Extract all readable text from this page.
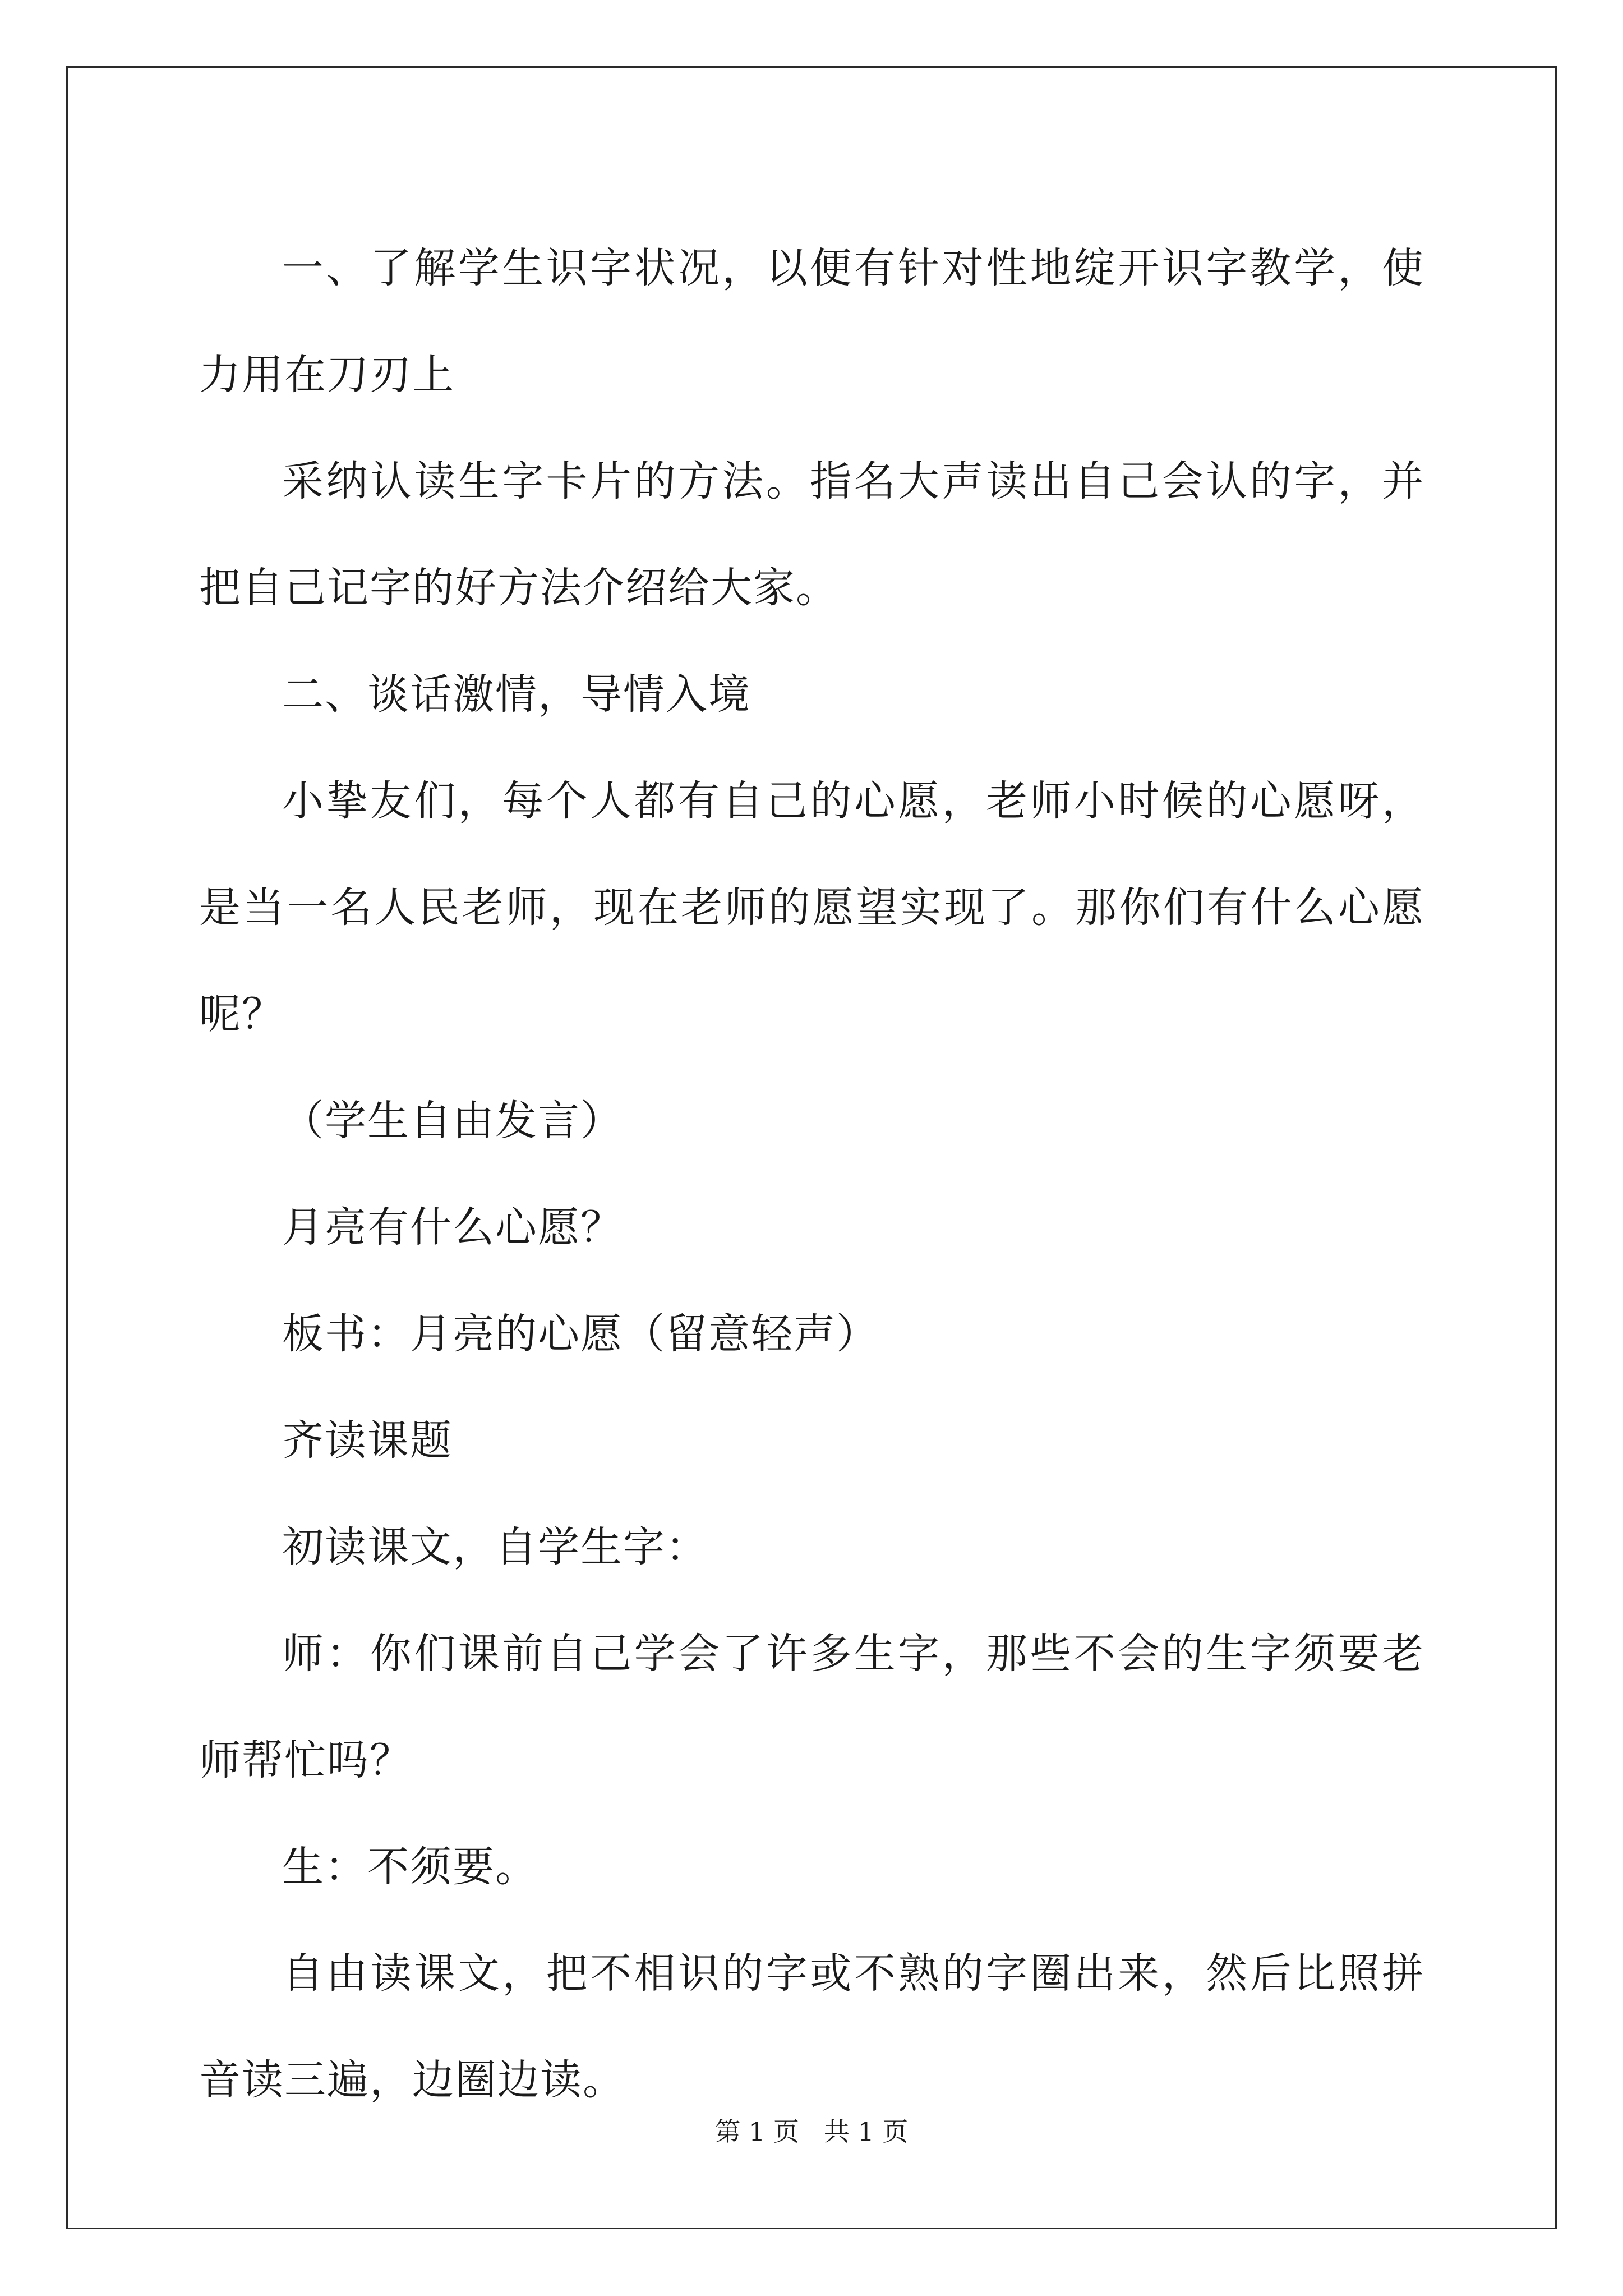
一、了解学生识字状况，以便有针对性地绽开识字教学，使力用在刀刃上

采纳认读生字卡片的方法。指名大声读出自己会认的字，并把自己记字的好方法介绍给大家。

二、谈话激情，导情入境

小挚友们，每个人都有自己的心愿，老师小时候的心愿呀，是当一名人民老师，现在老师的愿望实现了。那你们有什么心愿呢？

（学生自由发言）

月亮有什么心愿？

板书：月亮的心愿（留意轻声）

齐读课题

初读课文，自学生字：

师：你们课前自己学会了许多生字，那些不会的生字须要老师帮忙吗？

生：不须要。

自由读课文，把不相识的字或不熟的字圈出来，然后比照拼音读三遍，边圈边读。

第 1 页   共 1 页
